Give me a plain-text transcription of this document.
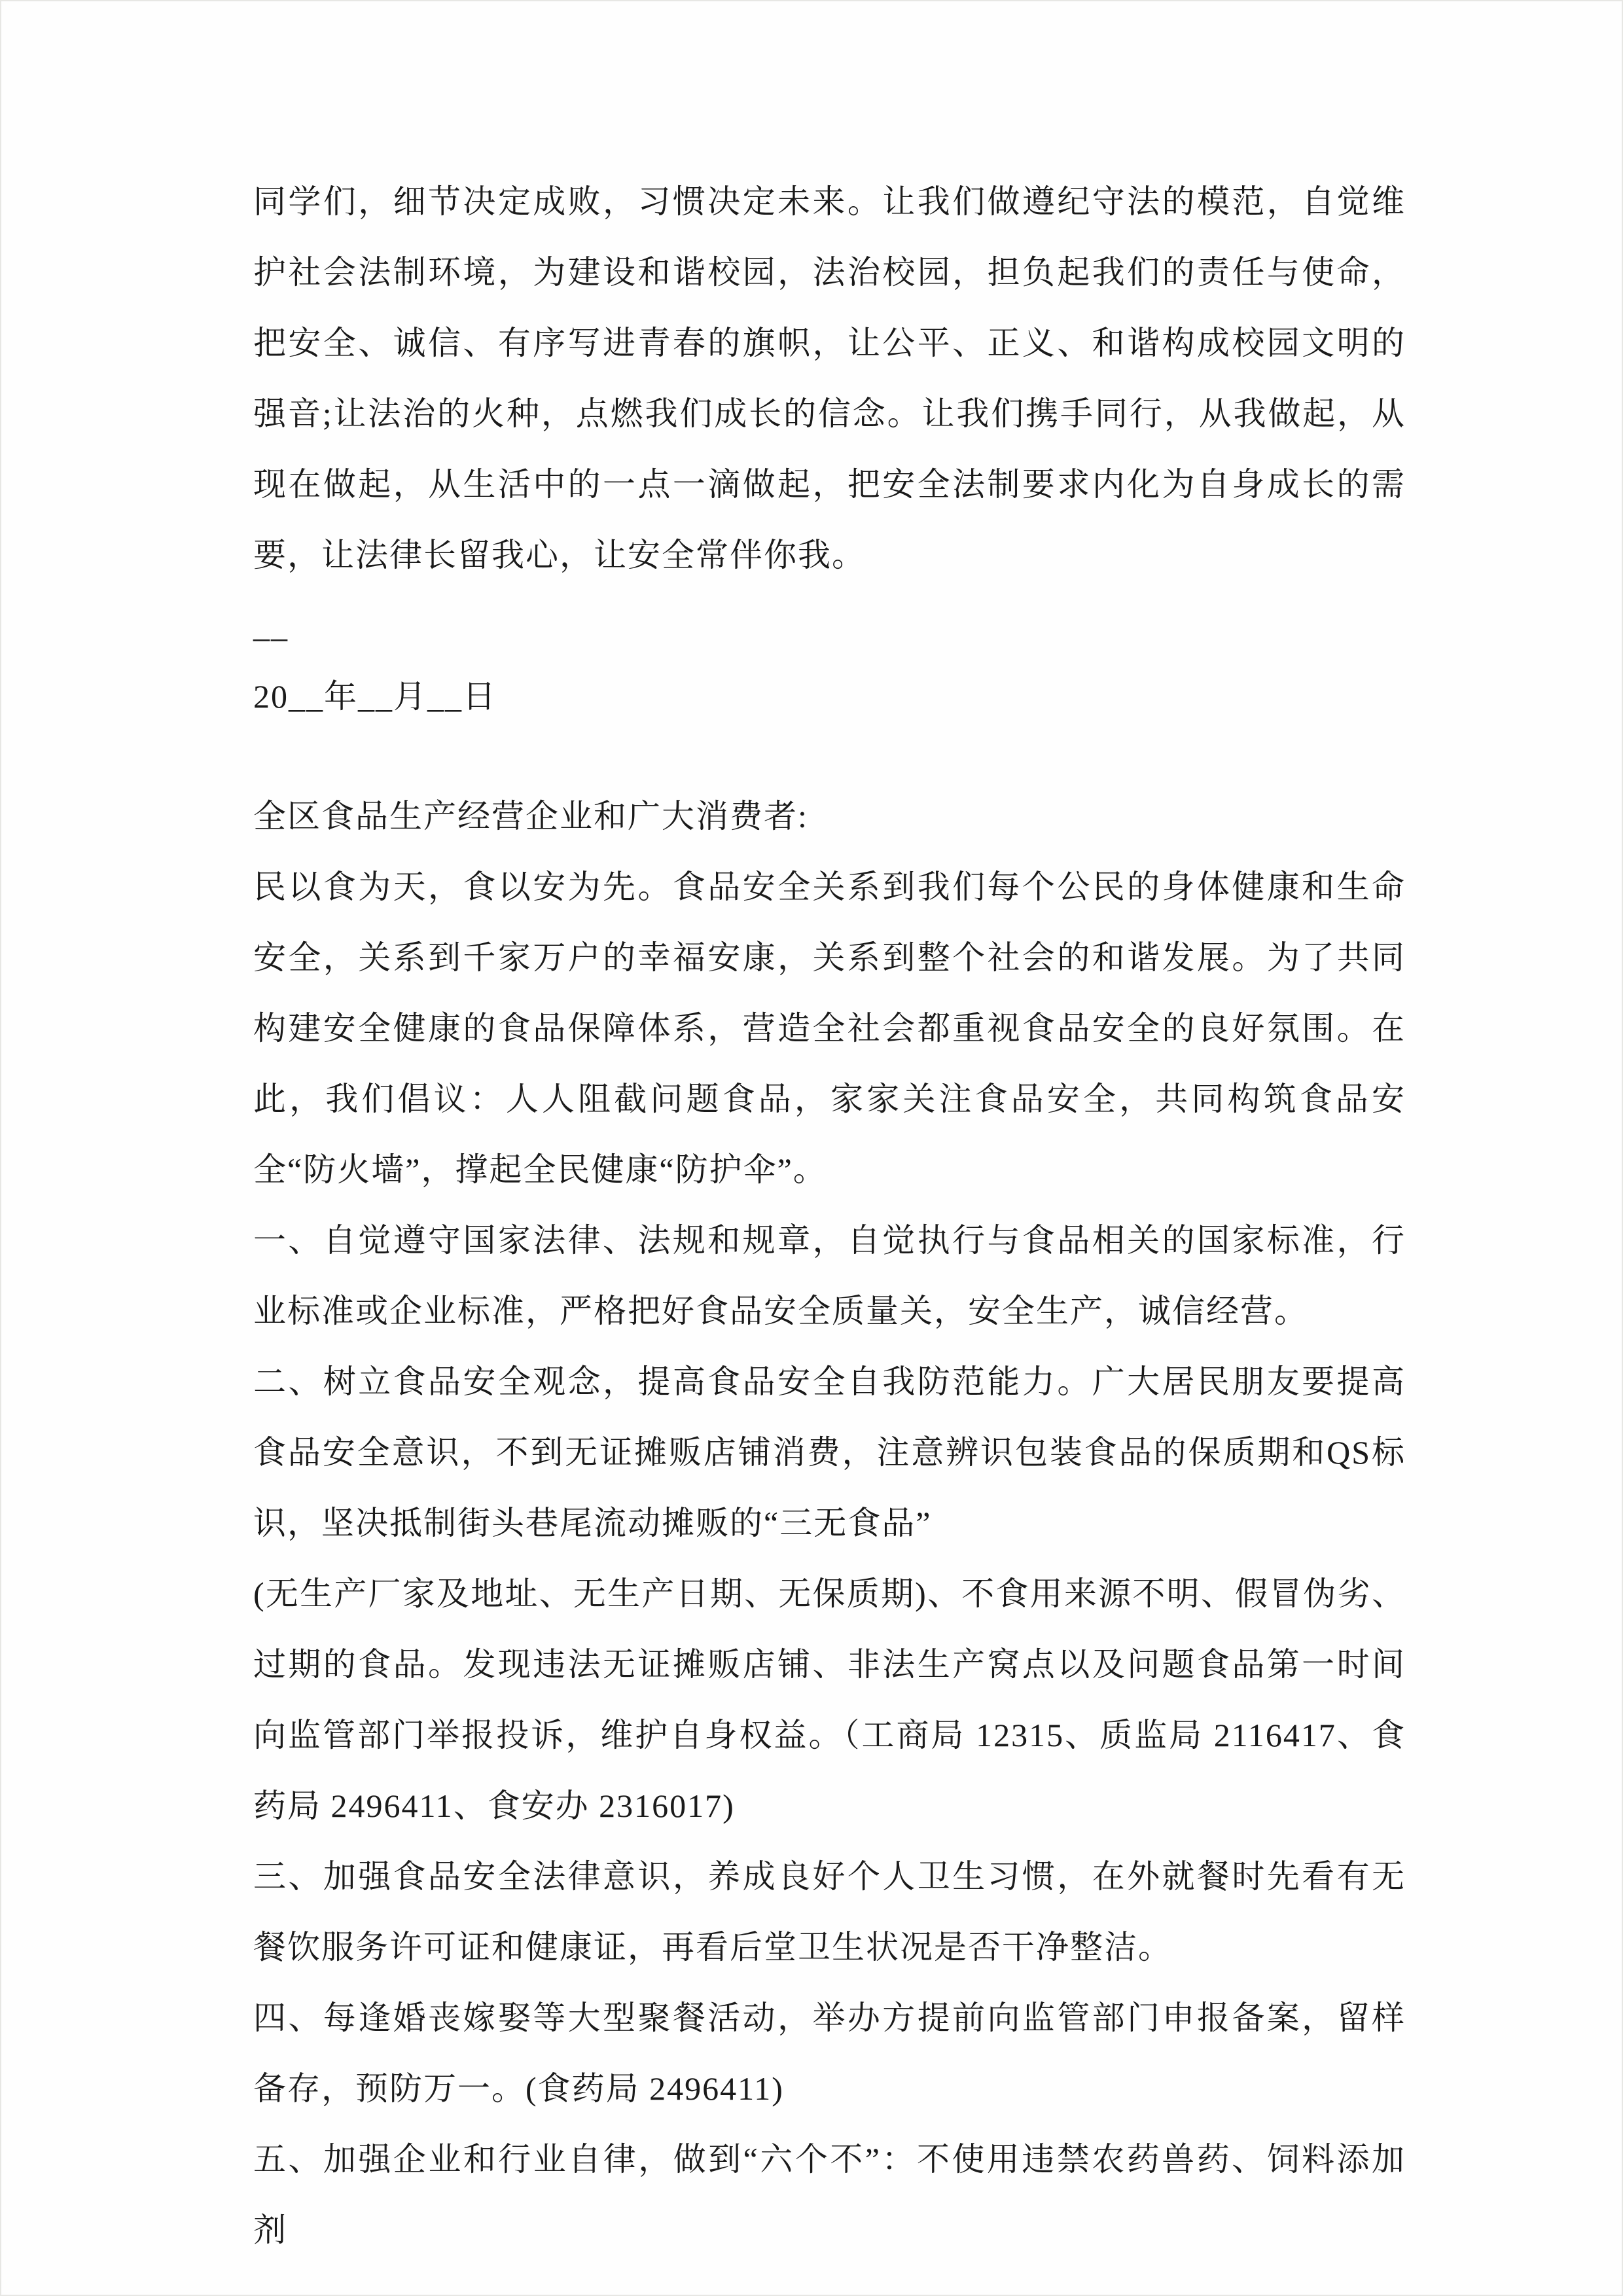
同学们，细节决定成败，习惯决定未来。让我们做遵纪守法的模范，自觉维护社会法制环境，为建设和谐校园，法治校园，担负起我们的责任与使命，把安全、诚信、有序写进青春的旗帜，让公平、正义、和谐构成校园文明的强音;让法治的火种，点燃我们成长的信念。让我们携手同行，从我做起，从现在做起，从生活中的一点一滴做起，把安全法制要求内化为自身成长的需要，让法律长留我心，让安全常伴你我。

__

20__年__月__日

全区食品生产经营企业和广大消费者:

民以食为天，食以安为先。食品安全关系到我们每个公民的身体健康和生命安全，关系到千家万户的幸福安康，关系到整个社会的和谐发展。为了共同构建安全健康的食品保障体系，营造全社会都重视食品安全的良好氛围。在此，我们倡议：人人阻截问题食品，家家关注食品安全，共同构筑食品安全“防火墙”，撑起全民健康“防护伞”。

一、自觉遵守国家法律、法规和规章，自觉执行与食品相关的国家标准，行业标准或企业标准，严格把好食品安全质量关，安全生产，诚信经营。

二、树立食品安全观念，提高食品安全自我防范能力。广大居民朋友要提高食品安全意识，不到无证摊贩店铺消费，注意辨识包装食品的保质期和QS标识，坚决抵制街头巷尾流动摊贩的“三无食品”

(无生产厂家及地址、无生产日期、无保质期)、不食用来源不明、假冒伪劣、过期的食品。发现违法无证摊贩店铺、非法生产窝点以及问题食品第一时间向监管部门举报投诉，维护自身权益。（工商局 12315、质监局 2116417、食药局 2496411、食安办 2316017)

三、加强食品安全法律意识，养成良好个人卫生习惯，在外就餐时先看有无餐饮服务许可证和健康证，再看后堂卫生状况是否干净整洁。

四、每逢婚丧嫁娶等大型聚餐活动，举办方提前向监管部门申报备案，留样备存，预防万一。(食药局 2496411)

五、加强企业和行业自律，做到“六个不”：不使用违禁农药兽药、饲料添加剂
